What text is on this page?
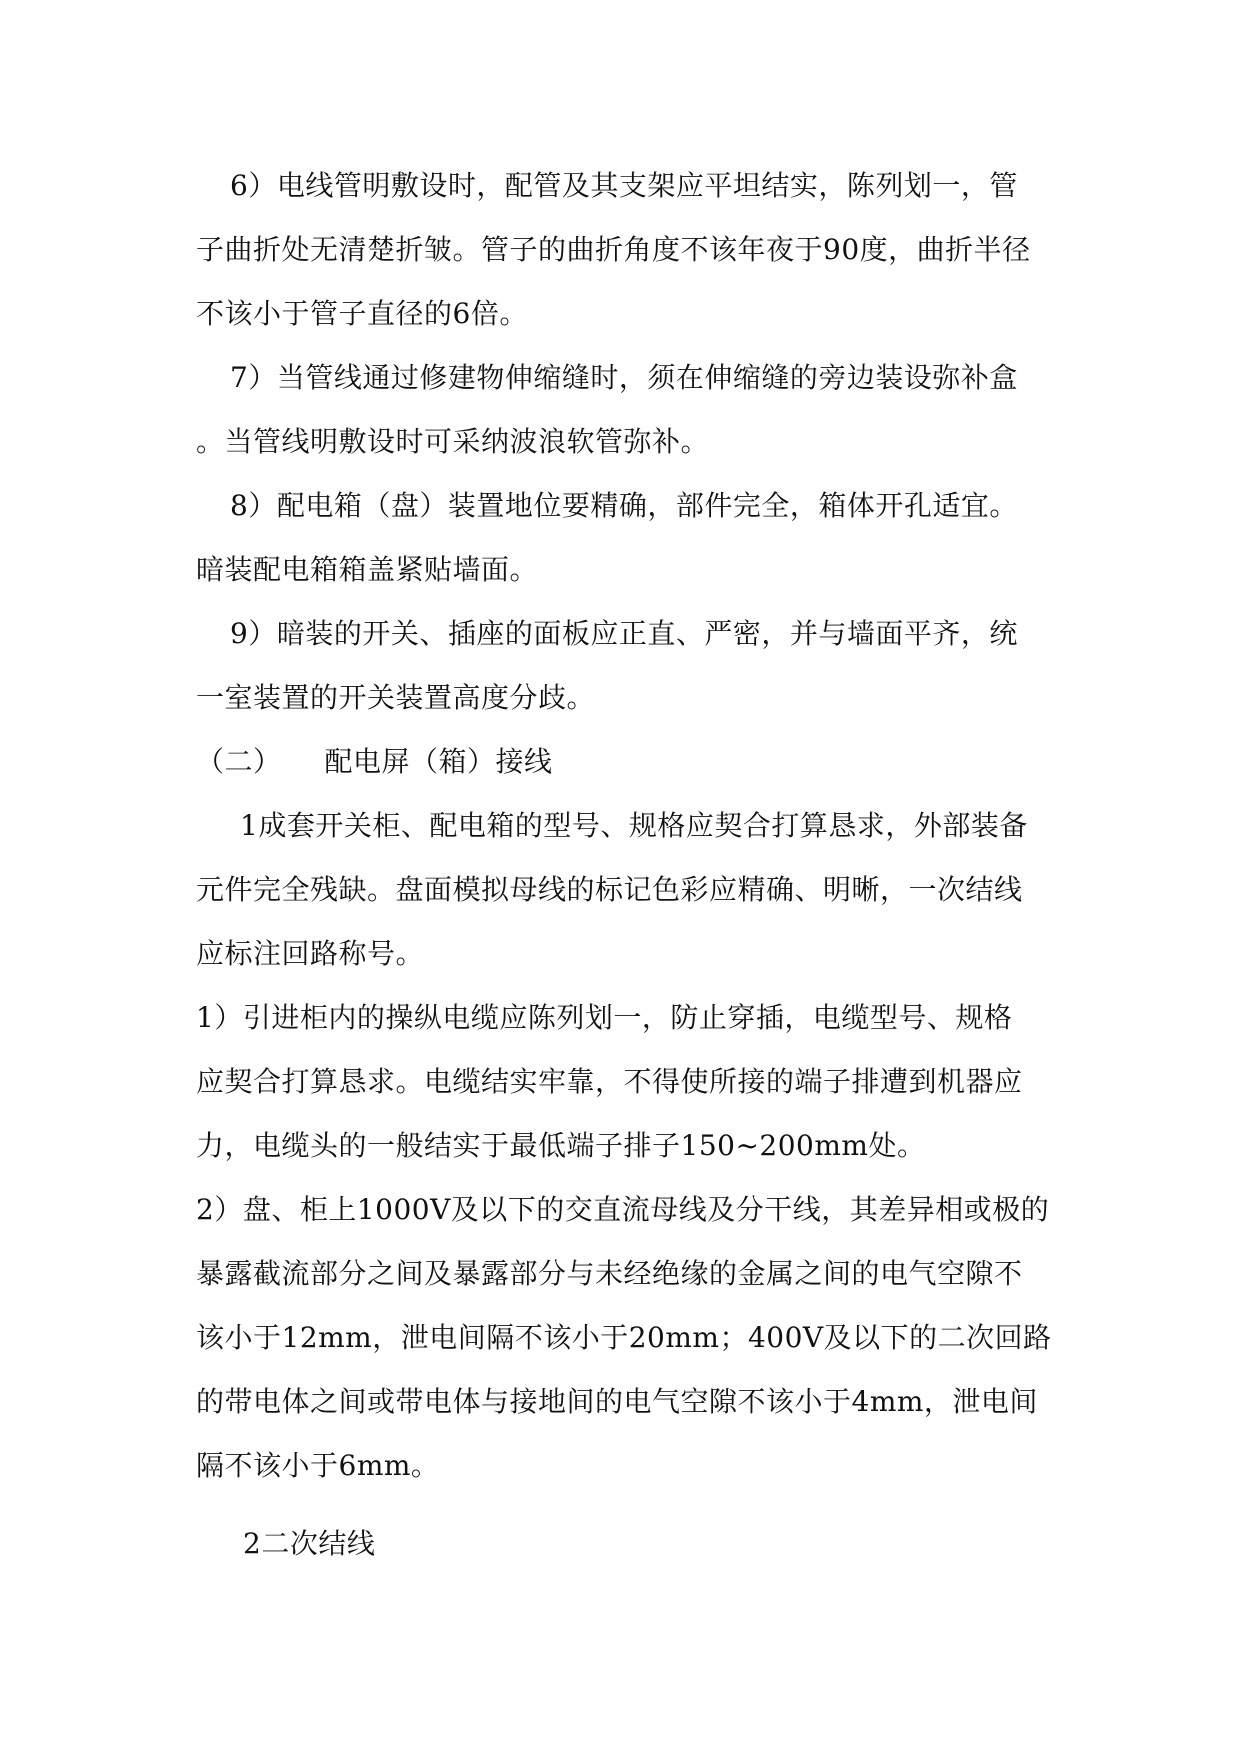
6）电线管明敷设时，配管及其支架应平坦结实，陈列划一，管
子曲折处无清楚折皱。管子的曲折角度不该年夜于90度，曲折半径
不该小于管子直径的6倍。
7）当管线通过修建物伸缩缝时，须在伸缩缝的旁边装设弥补盒
。当管线明敷设时可采纳波浪软管弥补。
8）配电箱（盘）装置地位要精确，部件完全，箱体开孔适宜。
暗装配电箱箱盖紧贴墙面。
9）暗装的开关、插座的面板应正直、严密，并与墙面平齐，统
一室装置的开关装置高度分歧。
（二）　　配电屏（箱）接线
1成套开关柜、配电箱的型号、规格应契合打算恳求，外部装备
元件完全残缺。盘面模拟母线的标记色彩应精确、明晰，一次结线
应标注回路称号。
1）引进柜内的操纵电缆应陈列划一，防止穿插，电缆型号、规格
应契合打算恳求。电缆结实牢靠，不得使所接的端子排遭到机器应
力，电缆头的一般结实于最低端子排子150~200mm处。
2）盘、柜上1000V及以下的交直流母线及分干线，其差异相或极的
暴露截流部分之间及暴露部分与未经绝缘的金属之间的电气空隙不
该小于12mm，泄电间隔不该小于20mm；400V及以下的二次回路
的带电体之间或带电体与接地间的电气空隙不该小于4mm，泄电间
隔不该小于6mm。
2二次结线
